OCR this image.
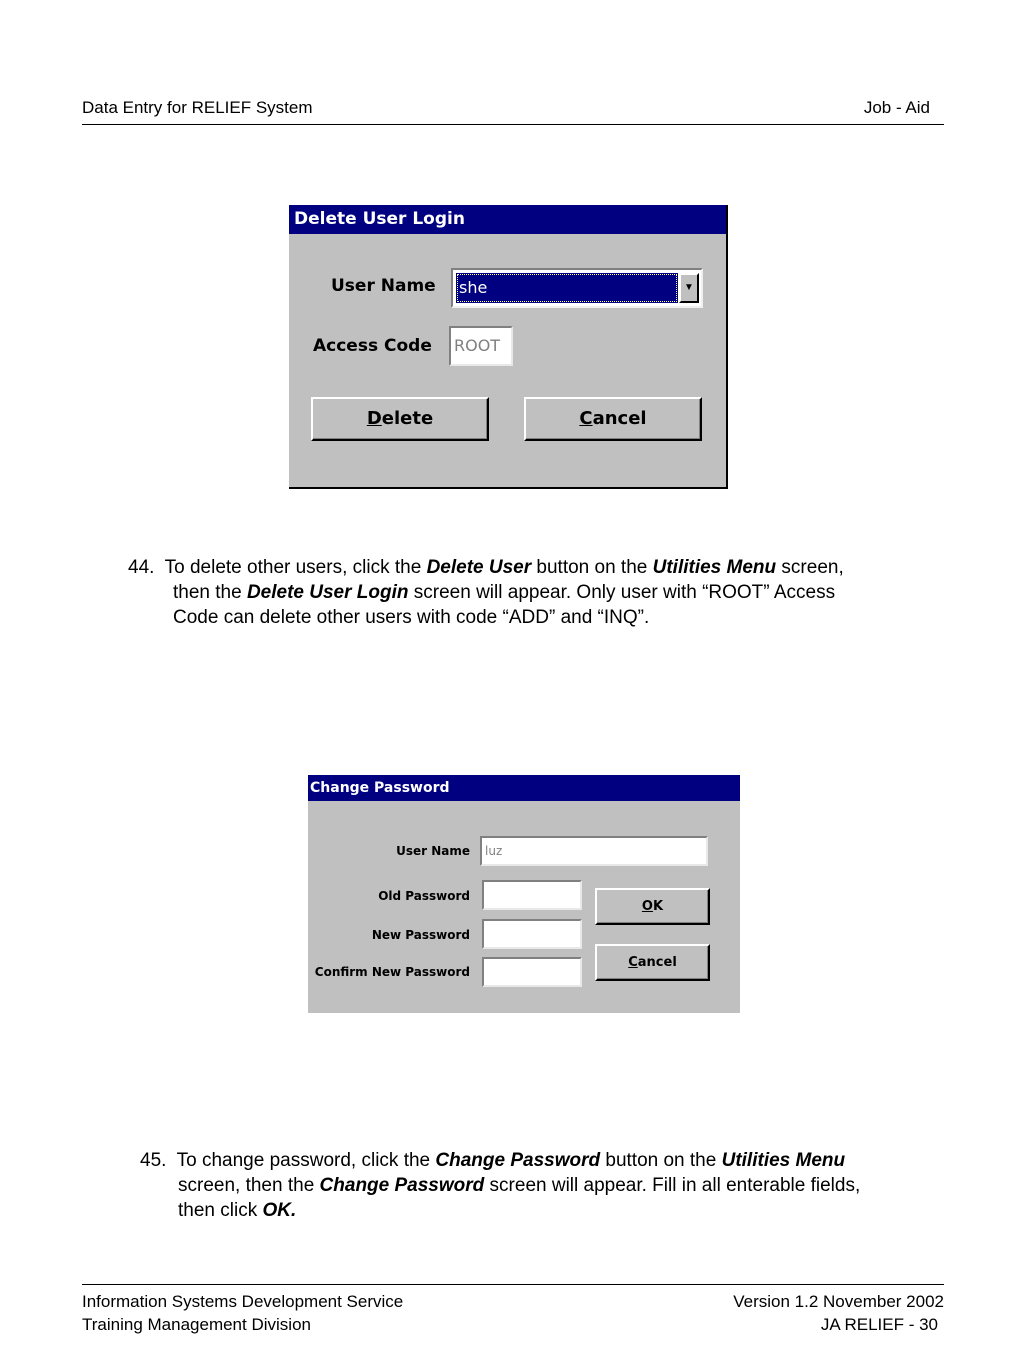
Data Entry for RELIEF System	Job - Aid
Delete User Login
User Name she	▼
Access Code	ROOT
Delete	Cancel
44. To delete other users, click the Delete User button on the Utilities Menu screen,
then the Delete User Login screen will appear. Only user with “ROOT” Access
Code can delete other users with code “ADD” and “INQ”.
Change Password
User Name	luz
Old Password
New Password
Confirm New Password
OK
Cancel
45. To change password, click the Change Password button on the Utilities Menu
screen, then the Change Password screen will appear. Fill in all enterable fields,
then click OK.
Information Systems Development Service
Training Management Division
Version 1.2 November 2002
JA RELIEF - 30
